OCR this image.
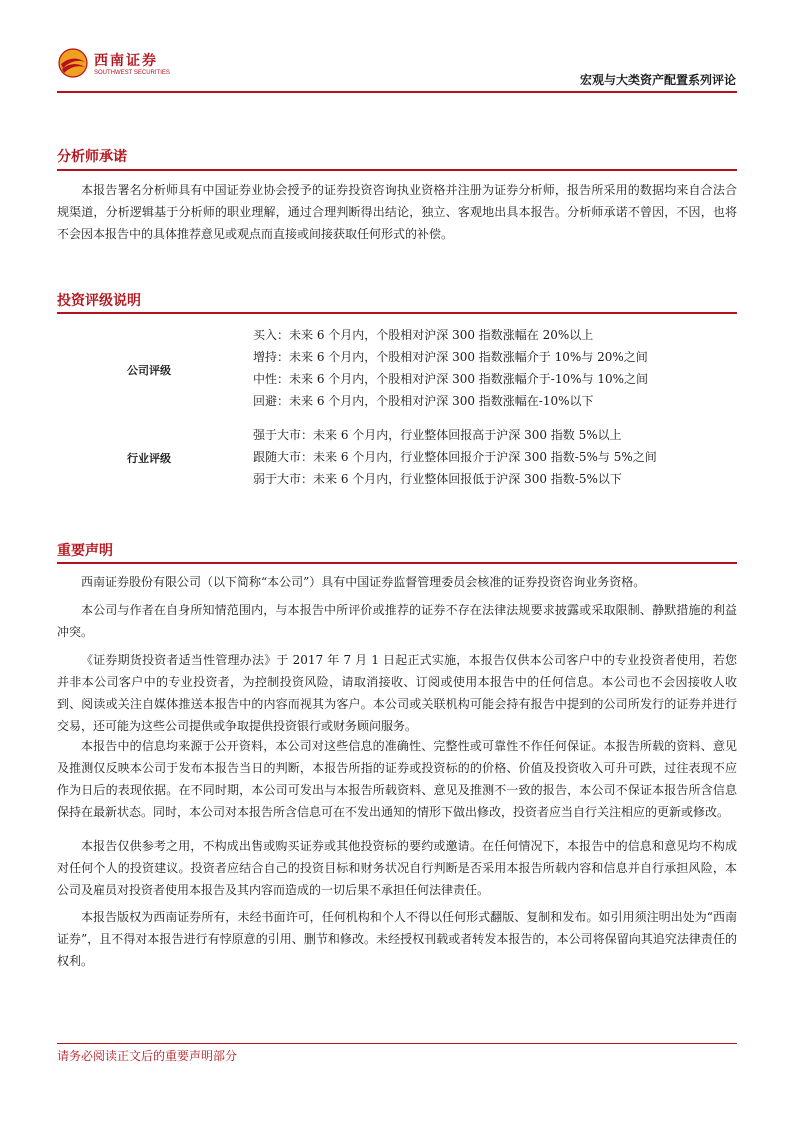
西南证券
SOUTHWEST SECURITIES	宏观与大类资产配置系列评论
分析师承诺

本报告署名分析师具有中国证券业协会授予的证券投资咨询执业资格并注册为证券分析师，报告所采用的数据均来自合法合规渠道，分析逻辑基于分析师的职业理解，通过合理判断得出结论，独立、客观地出具本报告。分析师承诺不曾因，不因，也将不会因本报告中的具体推荐意见或观点而直接或间接获取任何形式的补偿。

投资评级说明
公司评级
买入：未来 6 个月内，个股相对沪深 300 指数涨幅在 20%以上
增持：未来 6 个月内，个股相对沪深 300 指数涨幅介于 10%与 20%之间
中性：未来 6 个月内，个股相对沪深 300 指数涨幅介于-10%与 10%之间
回避：未来 6 个月内，个股相对沪深 300 指数涨幅在-10%以下
行业评级
强于大市：未来 6 个月内，行业整体回报高于沪深 300 指数 5%以上
跟随大市：未来 6 个月内，行业整体回报介于沪深 300 指数-5%与 5%之间
弱于大市：未来 6 个月内，行业整体回报低于沪深 300 指数-5%以下
重要声明

西南证券股份有限公司（以下简称“本公司”）具有中国证券监督管理委员会核准的证券投资咨询业务资格。

本公司与作者在自身所知情范围内，与本报告中所评价或推荐的证券不存在法律法规要求披露或采取限制、静默措施的利益冲突。

《证券期货投资者适当性管理办法》于 2017 年 7 月 1 日起正式实施，本报告仅供本公司客户中的专业投资者使用，若您并非本公司客户中的专业投资者，为控制投资风险，请取消接收、订阅或使用本报告中的任何信息。本公司也不会因接收人收到、阅读或关注自媒体推送本报告中的内容而视其为客户。本公司或关联机构可能会持有报告中提到的公司所发行的证券并进行交易，还可能为这些公司提供或争取提供投资银行或财务顾问服务。

本报告中的信息均来源于公开资料，本公司对这些信息的准确性、完整性或可靠性不作任何保证。本报告所载的资料、意见及推测仅反映本公司于发布本报告当日的判断，本报告所指的证券或投资标的的价格、价值及投资收入可升可跌，过往表现不应作为日后的表现依据。在不同时期，本公司可发出与本报告所载资料、意见及推测不一致的报告，本公司不保证本报告所含信息保持在最新状态。同时，本公司对本报告所含信息可在不发出通知的情形下做出修改，投资者应当自行关注相应的更新或修改。

本报告仅供参考之用，不构成出售或购买证券或其他投资标的要约或邀请。在任何情况下，本报告中的信息和意见均不构成对任何个人的投资建议。投资者应结合自己的投资目标和财务状况自行判断是否采用本报告所载内容和信息并自行承担风险，本公司及雇员对投资者使用本报告及其内容而造成的一切后果不承担任何法律责任。

本报告版权为西南证券所有，未经书面许可，任何机构和个人不得以任何形式翻版、复制和发布。如引用须注明出处为“西南证券”，且不得对本报告进行有悖原意的引用、删节和修改。未经授权刊载或者转发本报告的，本公司将保留向其追究法律责任的权利。

请务必阅读正文后的重要声明部分
